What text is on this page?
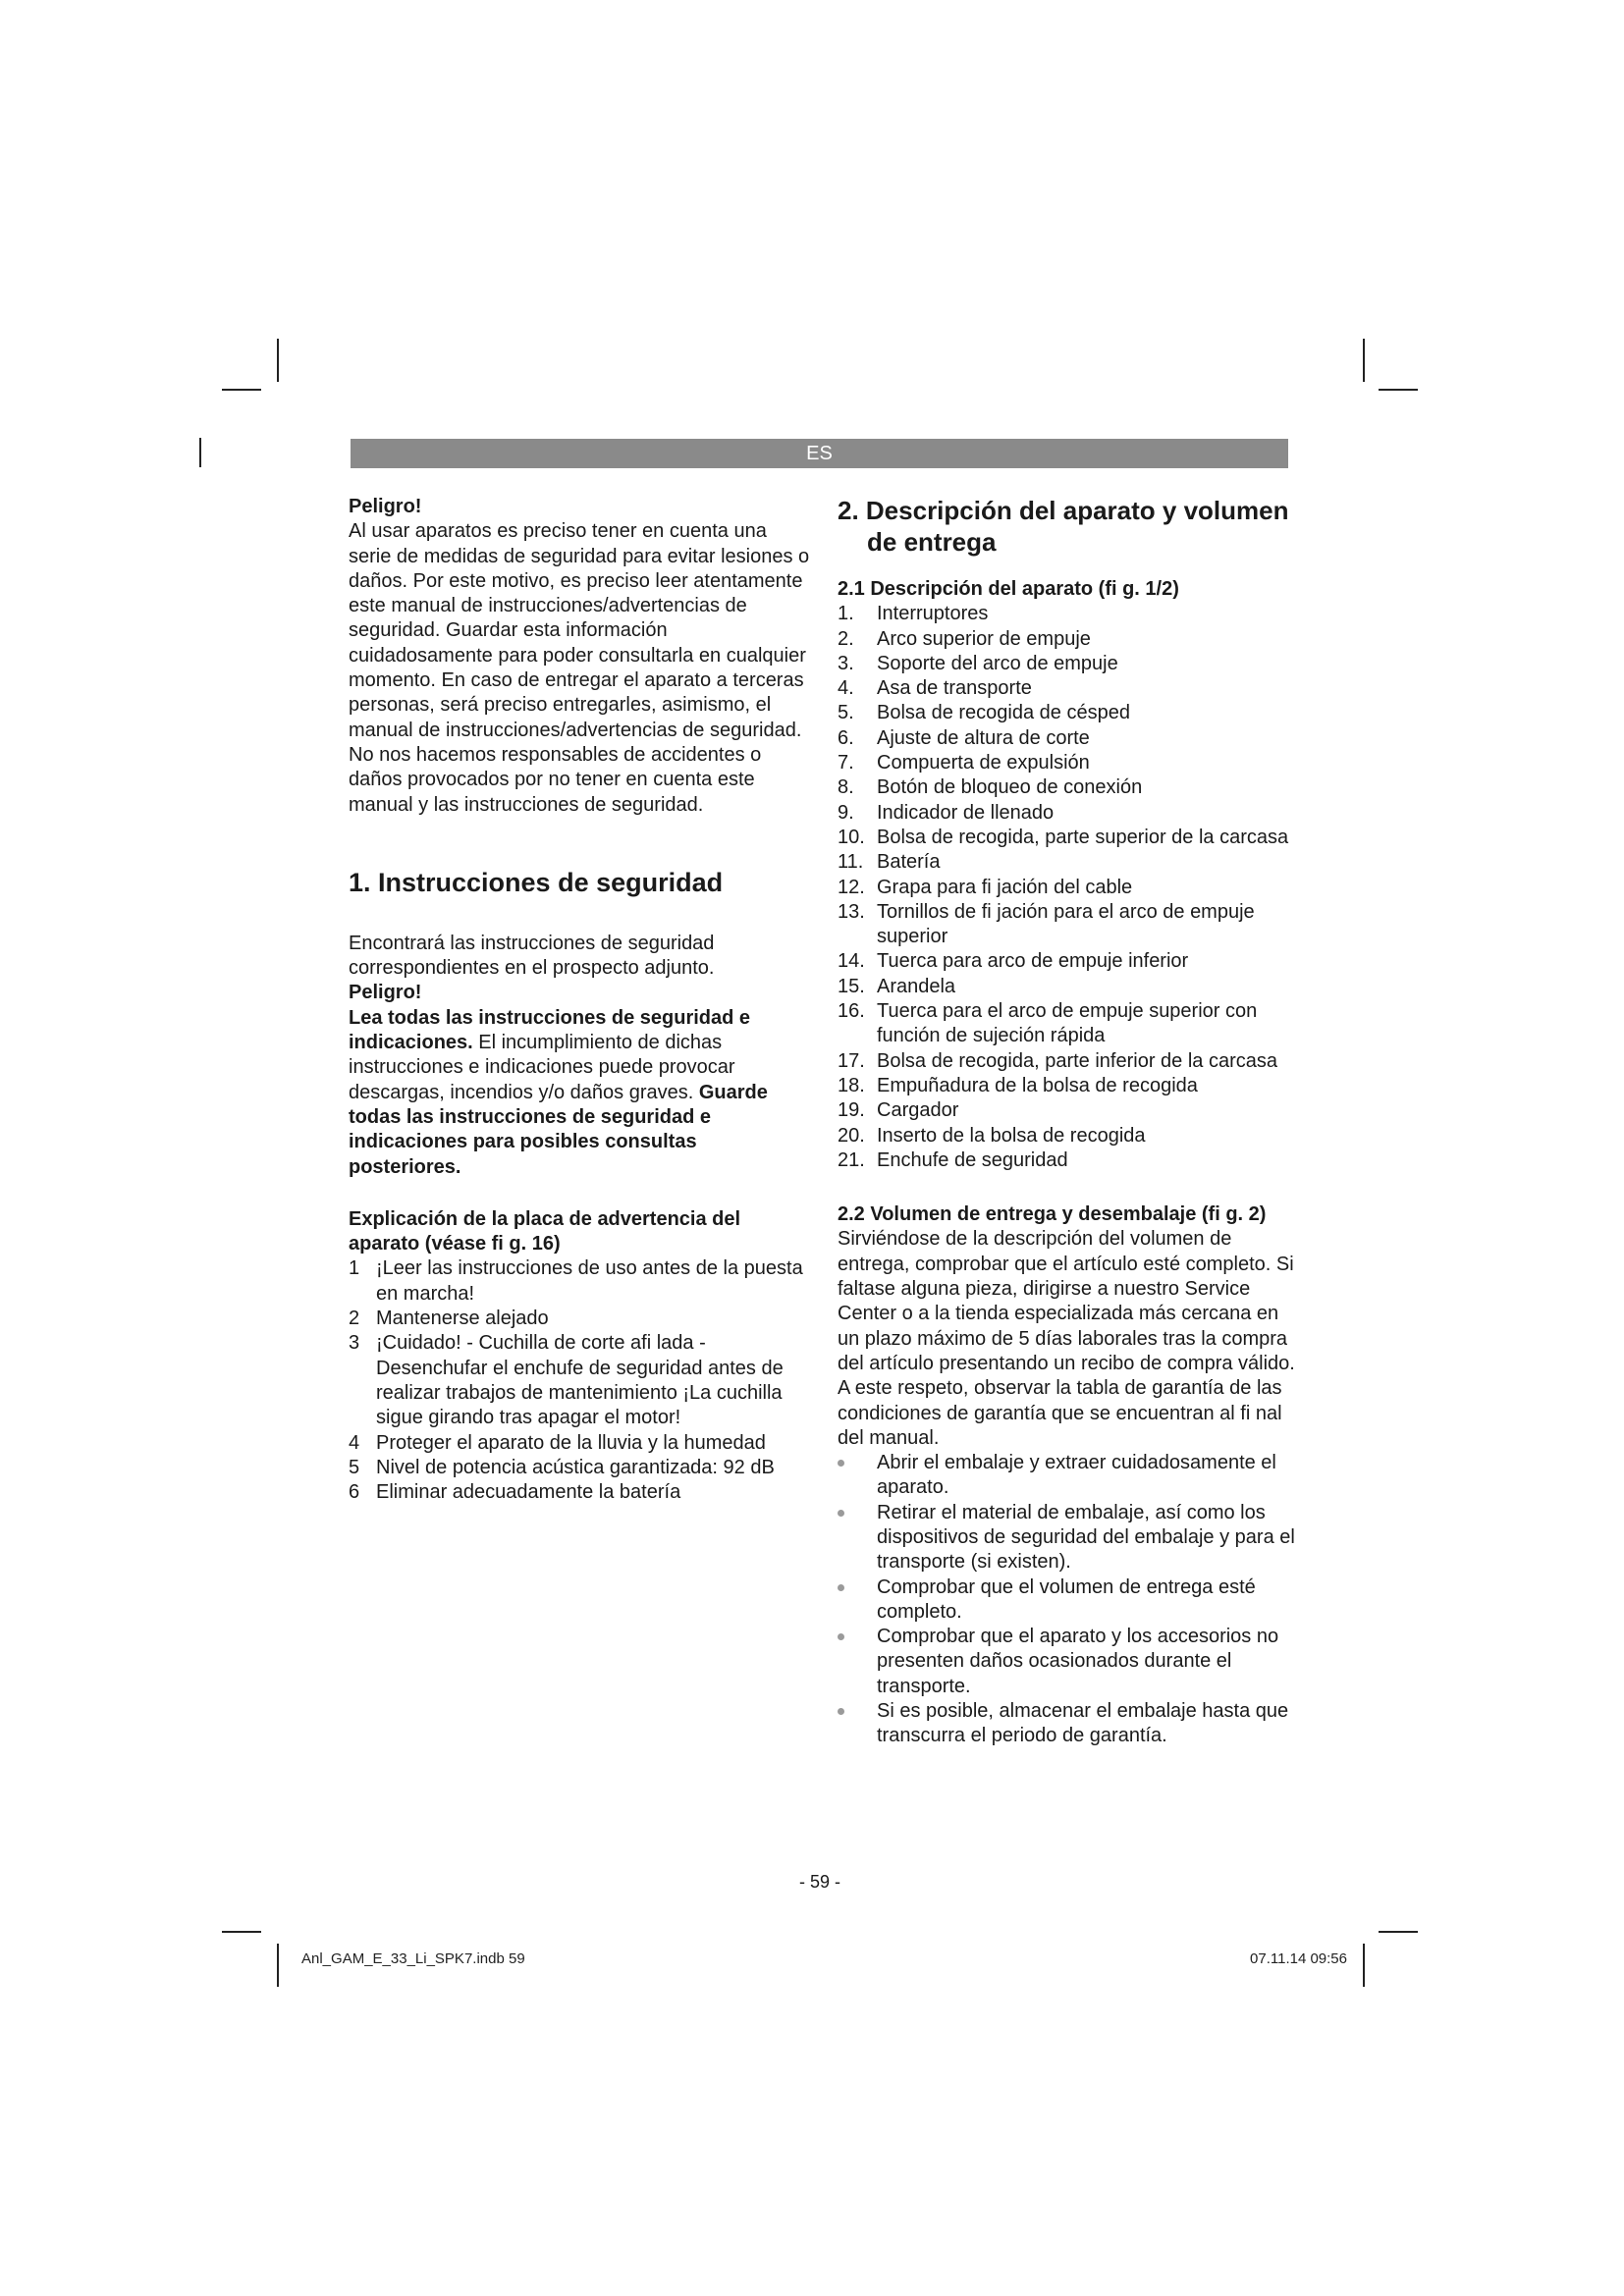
ES

Peligro!

Al usar aparatos es preciso tener en cuenta una serie de medidas de seguridad para evitar lesiones o daños. Por este motivo, es preciso leer atentamente este manual de instrucciones/advertencias de seguridad. Guardar esta información cuidadosamente para poder consultarla en cualquier momento. En caso de entregar el aparato a terceras personas, será preciso entregarles, asimismo, el manual de instrucciones/advertencias de seguridad. No nos hacemos responsables de accidentes o daños provocados por no tener en cuenta este manual y las instrucciones de seguridad.

1. Instrucciones de seguridad

Encontrará las instrucciones de seguridad correspondientes en el prospecto adjunto.

Peligro!

Lea todas las instrucciones de seguridad e indicaciones. El incumplimiento de dichas instrucciones e indicaciones puede provocar descargas, incendios y/o daños graves. Guarde todas las instrucciones de seguridad e indicaciones para posibles consultas posteriores.

Explicación de la placa de advertencia del aparato (véase fi g. 16)

1 ¡Leer las instrucciones de uso antes de la puesta en marcha!
2 Mantenerse alejado
3 ¡Cuidado! - Cuchilla de corte afi lada - Desenchufar el enchufe de seguridad antes de realizar trabajos de mantenimiento ¡La cuchilla sigue girando tras apagar el motor!
4 Proteger el aparato de la lluvia y la humedad
5 Nivel de potencia acústica garantizada: 92 dB
6 Eliminar adecuadamente la batería

2. Descripción del aparato y volumen de entrega

2.1 Descripción del aparato (fi g. 1/2)

1. Interruptores
2. Arco superior de empuje
3. Soporte del arco de empuje
4. Asa de transporte
5. Bolsa de recogida de césped
6. Ajuste de altura de corte
7. Compuerta de expulsión
8. Botón de bloqueo de conexión
9. Indicador de llenado
10. Bolsa de recogida, parte superior de la carcasa
11. Batería
12. Grapa para fi jación del cable
13. Tornillos de fi jación para el arco de empuje superior
14. Tuerca para arco de empuje inferior
15. Arandela
16. Tuerca para el arco de empuje superior con función de sujeción rápida
17. Bolsa de recogida, parte inferior de la carcasa
18. Empuñadura de la bolsa de recogida
19. Cargador
20. Inserto de la bolsa de recogida
21. Enchufe de seguridad

2.2 Volumen de entrega y desembalaje (fi g. 2)

Sirviéndose de la descripción del volumen de entrega, comprobar que el artículo esté completo. Si faltase alguna pieza, dirigirse a nuestro Service Center o a la tienda especializada más cercana en un plazo máximo de 5 días laborales tras la compra del artículo presentando un recibo de compra válido. A este respeto, observar la tabla de garantía de las condiciones de garantía que se encuentran al fi nal del manual.

Abrir el embalaje y extraer cuidadosamente el aparato.
Retirar el material de embalaje, así como los dispositivos de seguridad del embalaje y para el transporte (si existen).
Comprobar que el volumen de entrega esté completo.
Comprobar que el aparato y los accesorios no presenten daños ocasionados durante el transporte.
Si es posible, almacenar el embalaje hasta que transcurra el periodo de garantía.
- 59 -
Anl_GAM_E_33_Li_SPK7.indb 59	07.11.14 09:56
